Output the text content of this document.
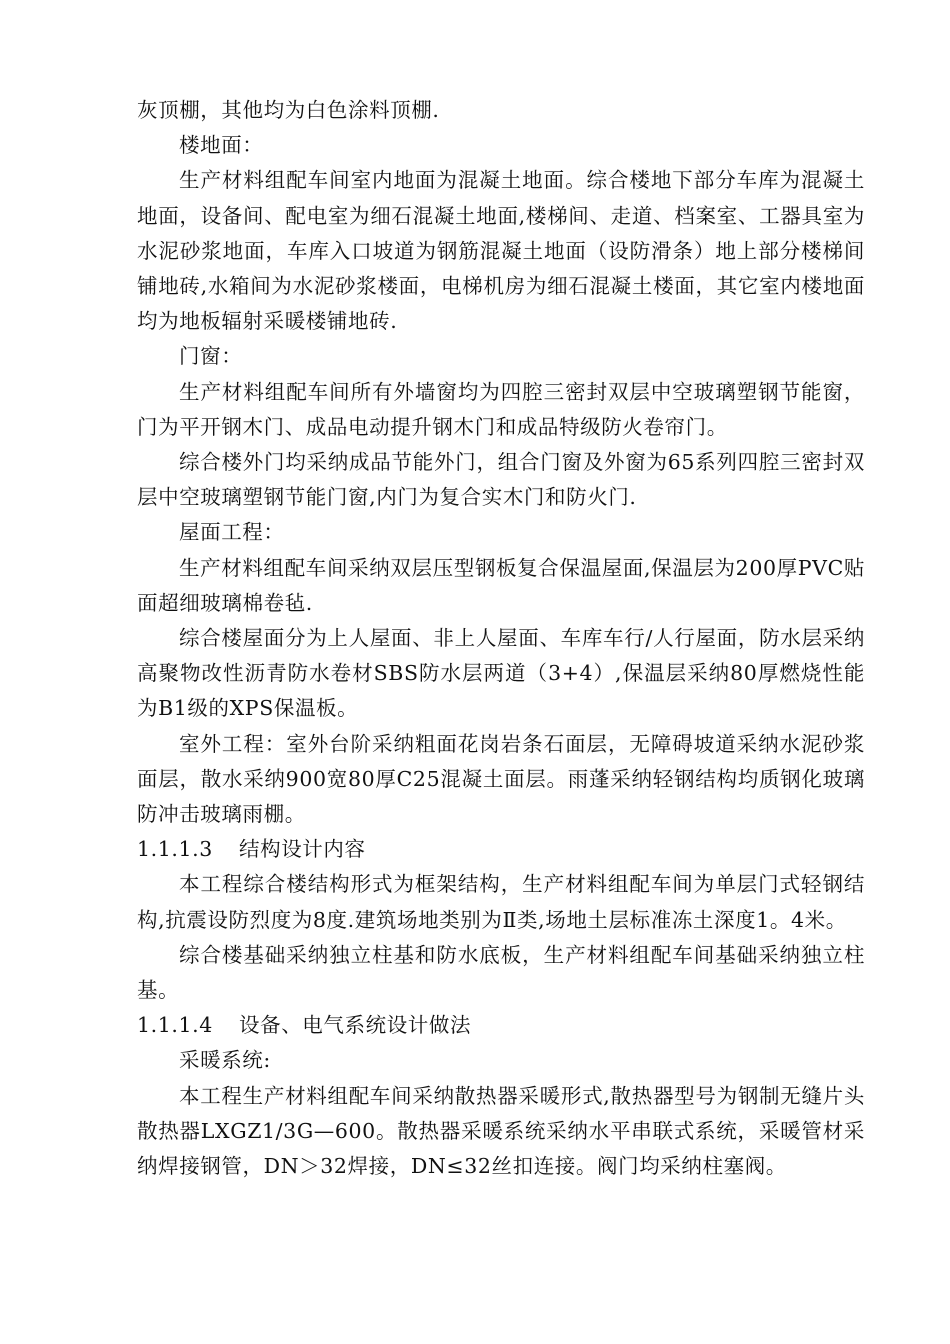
灰顶棚，其他均为白色涂料顶棚.

楼地面：

生产材料组配车间室内地面为混凝土地面。综合楼地下部分车库为混凝土地面，设备间、配电室为细石混凝土地面,楼梯间、走道、档案室、工器具室为水泥砂浆地面，车库入口坡道为钢筋混凝土地面（设防滑条）地上部分楼梯间铺地砖,水箱间为水泥砂浆楼面，电梯机房为细石混凝土楼面，其它室内楼地面均为地板辐射采暖楼铺地砖.

门窗：

生产材料组配车间所有外墙窗均为四腔三密封双层中空玻璃塑钢节能窗，门为平开钢木门、成品电动提升钢木门和成品特级防火卷帘门。

综合楼外门均采纳成品节能外门，组合门窗及外窗为65系列四腔三密封双层中空玻璃塑钢节能门窗,内门为复合实木门和防火门.

屋面工程：

生产材料组配车间采纳双层压型钢板复合保温屋面,保温层为200厚PVC贴面超细玻璃棉卷毡.

综合楼屋面分为上人屋面、非上人屋面、车库车行/人行屋面，防水层采纳高聚物改性沥青防水卷材SBS防水层两道（3+4）,保温层采纳80厚燃烧性能为B1级的XPS保温板。

室外工程：室外台阶采纳粗面花岗岩条石面层，无障碍坡道采纳水泥砂浆面层，散水采纳900宽80厚C25混凝土面层。雨蓬采纳轻钢结构均质钢化玻璃防冲击玻璃雨棚。

1.1.1.3 结构设计内容

本工程综合楼结构形式为框架结构，生产材料组配车间为单层门式轻钢结构,抗震设防烈度为8度.建筑场地类别为Ⅱ类,场地土层标准冻土深度1。4米。

综合楼基础采纳独立柱基和防水底板，生产材料组配车间基础采纳独立柱基。

1.1.1.4 设备、电气系统设计做法

采暖系统:

本工程生产材料组配车间采纳散热器采暖形式,散热器型号为钢制无缝片头散热器LXGZ1/3G—600。散热器采暖系统采纳水平串联式系统，采暖管材采纳焊接钢管，DN＞32焊接，DN≤32丝扣连接。阀门均采纳柱塞阀。
